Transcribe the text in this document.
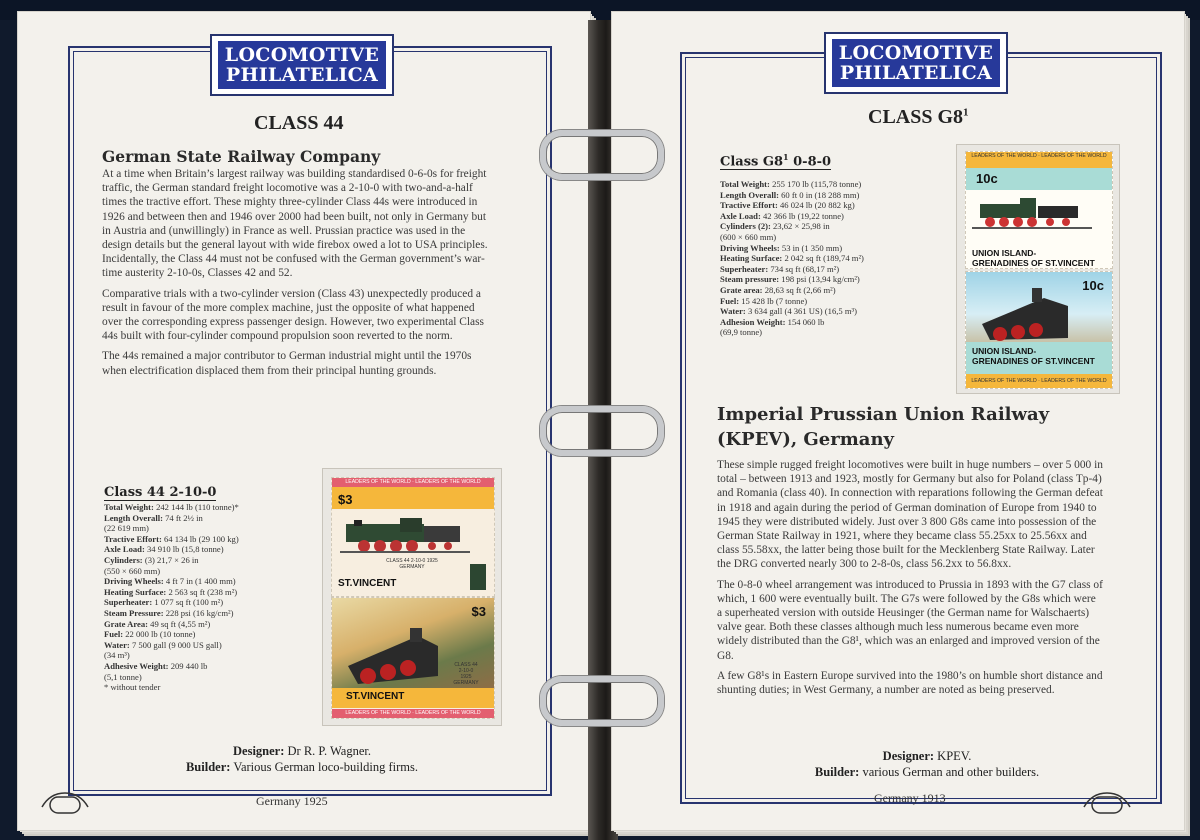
LOCOMOTIVE
PHILATELICA
CLASS 44
German State Railway Company

At a time when Britain’s largest railway was building standardised 0-6-0s for freight traffic, the German standard freight locomotive was a 2-10-0 with two-and-a-half times the tractive effort. These mighty three-cylinder Class 44s were introduced in 1926 and between then and 1946 over 2000 had been built, not only in Germany but in Austria and (unwillingly) in France as well. Prussian practice was used in the design details but the general layout with wide firebox owed a lot to USA principles. Incidentally, the Class 44 must not be confused with the German government’s war-time austerity 2-10-0s, Classes 42 and 52.

Comparative trials with a two-cylinder version (Class 43) unexpectedly produced a result in favour of the more complex machine, just the opposite of what happened over the corresponding express passenger design. However, two experimental Class 44s built with four-cylinder compound propulsion soon reverted to the norm.

The 44s remained a major contributor to German industrial might until the 1970s when electrification displaced them from their principal hunting grounds.

Class 44 2-10-0
Total Weight: 242 144 lb (110 tonne)*
Length Overall: 74 ft 2½ in
(22 619 mm)
Tractive Effort: 64 134 lb (29 100 kg)
Axle Load: 34 910 lb (15,8 tonne)
Cylinders: (3) 21,7 × 26 in
(550 × 660 mm)
Driving Wheels: 4 ft 7 in (1 400 mm)
Heating Surface: 2 563 sq ft (238 m²)
Superheater: 1 077 sq ft (100 m²)
Steam Pressure: 228 psi (16 kg/cm²)
Grate Area: 49 sq ft (4,55 m²)
Fuel: 22 000 lb (10 tonne)
Water: 7 500 gall (9 000 US gall)
(34 m³)
Adhesive Weight: 209 440 lb
(5,1 tonne)
* without tender
LEADERS OF THE WORLD · LEADERS OF THE WORLD
$3
CLASS 44 2-10-0 1925
GERMANY
ST.VINCENT
$3
CLASS 44
2-10-0
1925
GERMANY
ST.VINCENT
LEADERS OF THE WORLD · LEADERS OF THE WORLD
Designer: Dr R. P. Wagner.
Builder: Various German loco-building firms.
Germany 1925
LOCOMOTIVE
PHILATELICA
CLASS $G8^1$
Class $G8^1$ 0-8-0
Total Weight: 255 170 lb (115,78 tonne)
Length Overall: 60 ft 0 in (18 288 mm)
Tractive Effort: 46 024 lb (20 882 kg)
Axle Load: 42 366 lb (19,22 tonne)
Cylinders (2): 23,62 × 25,98 in
(600 × 660 mm)
Driving Wheels: 53 in (1 350 mm)
Heating Surface: 2 042 sq ft (189,74 m²)
Superheater: 734 sq ft (68,17 m²)
Steam pressure: 198 psi (13,94 kg/cm²)
Grate area: 28,63 sq ft (2,66 m²)
Fuel: 15 428 lb (7 tonne)
Water: 3 634 gall (4 361 US) (16,5 m³)
Adhesion Weight: 154 060 lb
(69,9 tonne)
LEADERS OF THE WORLD · LEADERS OF THE WORLD
10c
UNION ISLAND-
GRENADINES OF ST.VINCENT
10c
UNION ISLAND-
GRENADINES OF ST.VINCENT
LEADERS OF THE WORLD · LEADERS OF THE WORLD
Imperial Prussian Union Railway (KPEV), Germany

These simple rugged freight locomotives were built in huge numbers – over 5 000 in total – between 1913 and 1923, mostly for Germany but also for Poland (class Tp-4) and Romania (class 40). In connection with reparations following the German defeat in 1918 and again during the period of German domination of Europe from 1940 to 1945 they were distributed widely. Just over 3 800 G8s came into possession of the German State Railway in 1921, where they became class 55.25xx to 25.56xx and class 55.58xx, the latter being those built for the Mecklenberg State Railway. Later the DRG converted nearly 300 to 2-8-0s, class 56.2xx to 56.8xx.

The 0-8-0 wheel arrangement was introduced to Prussia in 1893 with the G7 class of which, 1 600 were eventually built. The G7s were followed by the G8s which were a superheated version with outside Heusinger (the German name for Walschaerts) valve gear. Both these classes although much less numerous became even more widely distributed than the G8¹, which was an enlarged and improved version of the G8.

A few G8¹s in Eastern Europe survived into the 1980’s on humble short distance and shunting duties; in West Germany, a number are noted as being preserved.

Designer: KPEV.
Builder: various German and other builders.
Germany 1913
